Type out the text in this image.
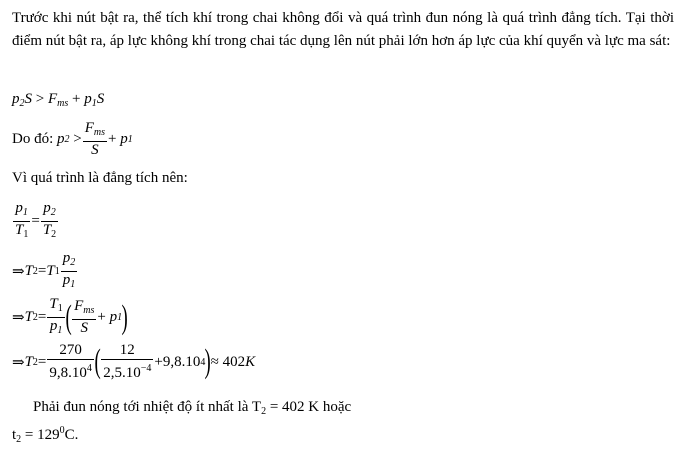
Trước khi nút bật ra, thể tích khí trong chai không đổi và quá trình đun nóng là quá trình đẳng tích. Tại thời điểm nút bật ra, áp lực không khí trong chai tác dụng lên nút phải lớn hơn áp lực của khí quyển và lực ma sát:
$p_2S > F_{ms} + p_1S$
Do đó:
p 2
> $\frac{F_{ms}}{S}$ +
p 1
Vì quá trình là đẳng tích nên:
$\frac{p_1}{T_1} = \frac{p_2}{T_2}$
⇒ T 2 = T $1 \frac{p_2}{p_1}$
⇒ T $2 = \frac{T_1}{p_1}$ ( $\frac{F_{ms}}{S}$ +
p 1 )
⇒ T $2 = \frac{270}{9,8.10^4}$ ( $\frac{12}{2,5.10^{-4}} +9,8.10$ 4 ) ≈ 402 K
Phải đun nóng tới nhiệt độ ít nhất là $T_2 = 402$ K hoặc
$t_2 = 129^0C$.
